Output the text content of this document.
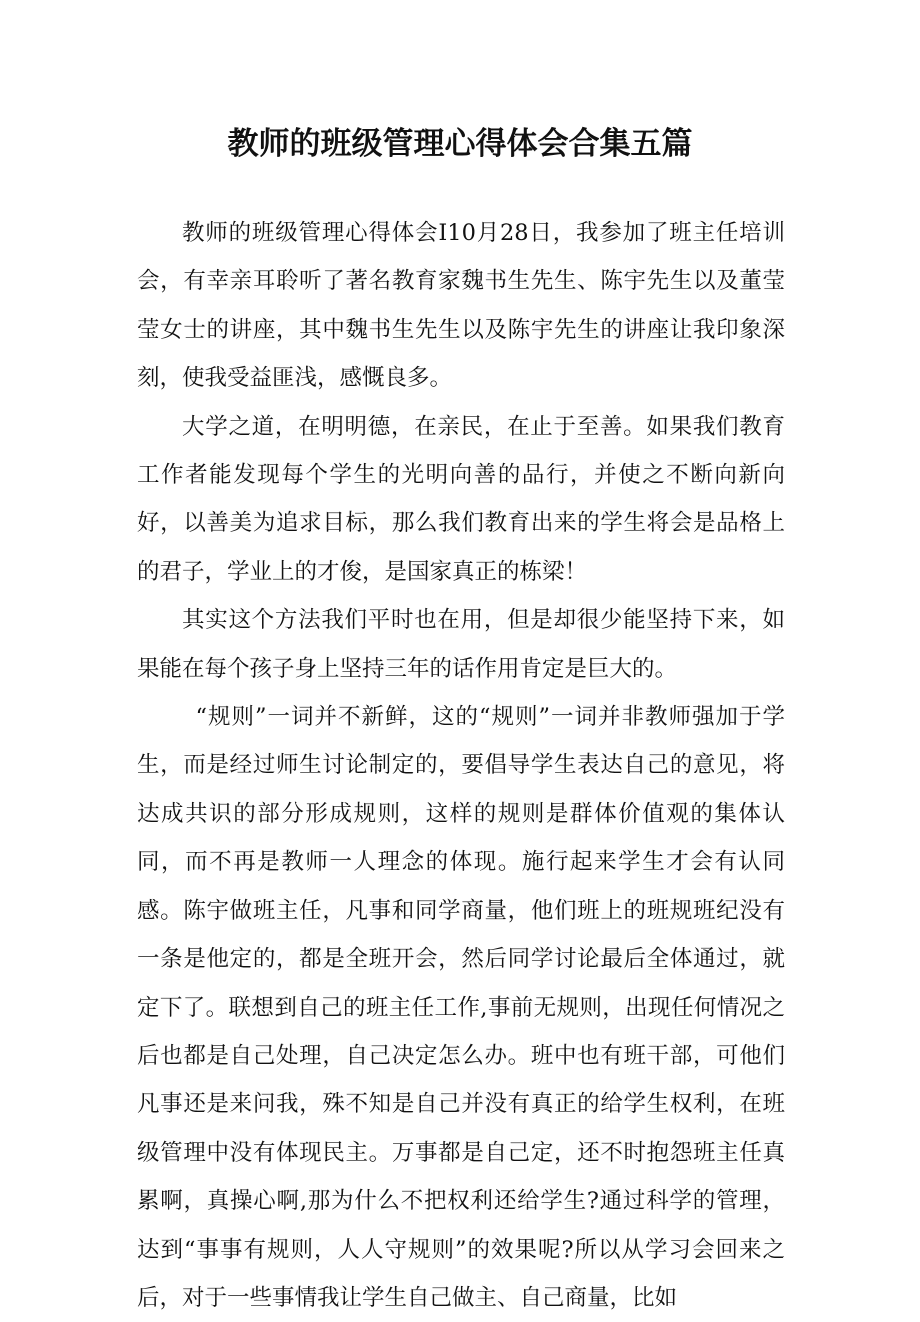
教师的班级管理心得体会合集五篇

教师的班级管理心得体会I10月28日，我参加了班主任培训会，有幸亲耳聆听了著名教育家魏书生先生、陈宇先生以及董莹莹女士的讲座，其中魏书生先生以及陈宇先生的讲座让我印象深刻，使我受益匪浅，感慨良多。

大学之道，在明明德，在亲民，在止于至善。如果我们教育工作者能发现每个学生的光明向善的品行，并使之不断向新向好，以善美为追求目标，那么我们教育出来的学生将会是品格上的君子，学业上的才俊，是国家真正的栋梁！

其实这个方法我们平时也在用，但是却很少能坚持下来，如果能在每个孩子身上坚持三年的话作用肯定是巨大的。

“规则”一词并不新鲜，这的“规则”一词并非教师强加于学生，而是经过师生讨论制定的，要倡导学生表达自己的意见，将达成共识的部分形成规则，这样的规则是群体价值观的集体认同，而不再是教师一人理念的体现。施行起来学生才会有认同感。陈宇做班主任，凡事和同学商量，他们班上的班规班纪没有一条是他定的，都是全班开会，然后同学讨论最后全体通过，就定下了。联想到自己的班主任工作,事前无规则，出现任何情况之后也都是自己处理，自己决定怎么办。班中也有班干部，可他们凡事还是来问我，殊不知是自己并没有真正的给学生权利，在班级管理中没有体现民主。万事都是自己定，还不时抱怨班主任真累啊，真操心啊,那为什么不把权利还给学生?通过科学的管理，达到“事事有规则，人人守规则”的效果呢?所以从学习会回来之后，对于一些事情我让学生自己做主、自己商量，比如
